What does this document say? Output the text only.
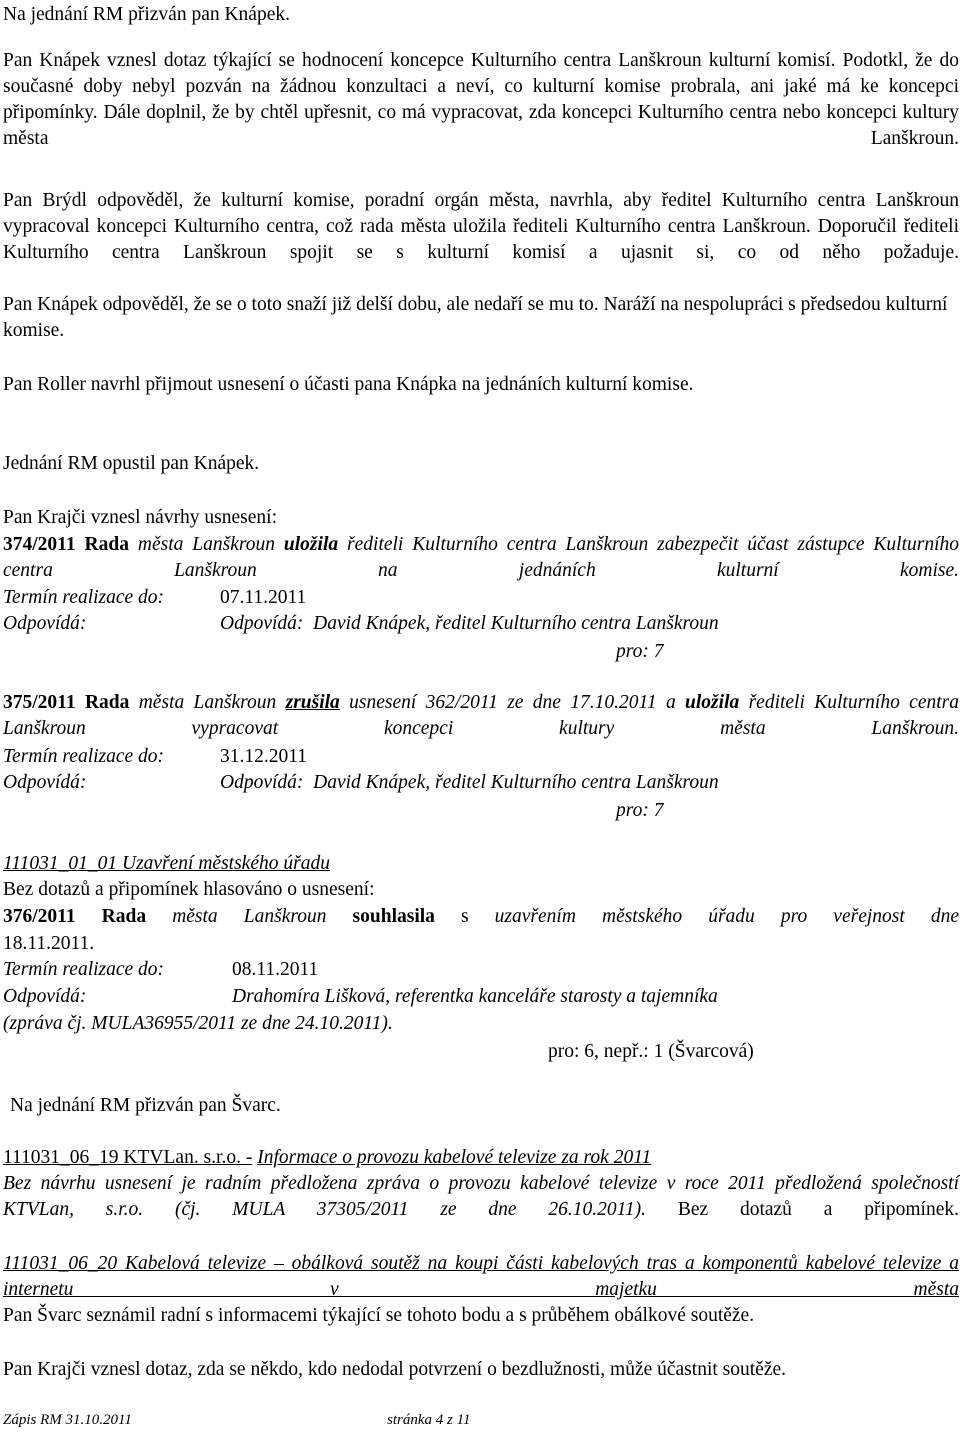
Na jednání RM přizván pan Knápek.

Pan Knápek vznesl dotaz týkající se hodnocení koncepce Kulturního centra Lanškroun kulturní komisí. Podotkl, že do současné doby nebyl pozván na žádnou konzultaci a neví, co kulturní komise probrala, ani jaké má ke koncepci připomínky. Dále doplnil, že by chtěl upřesnit, co má vypracovat, zda koncepci Kulturního centra nebo koncepci kultury města Lanškroun.

Pan Brýdl odpověděl, že kulturní komise, poradní orgán města, navrhla, aby ředitel Kulturního centra Lanškroun vypracoval koncepci Kulturního centra, což rada města uložila řediteli Kulturního centra Lanškroun. Doporučil řediteli Kulturního centra Lanškroun spojit se s kulturní komisí a ujasnit si, co od něho požaduje.

Pan Knápek odpověděl, že se o toto snaží již delší dobu, ale nedaří se mu to. Naráží na nespolupráci s předsedou kulturní komise.

Pan Roller navrhl přijmout usnesení o účasti pana Knápka na jednáních kulturní komise.

Jednání RM opustil pan Knápek.

Pan Krajči vznesl návrhy usnesení:

374/2011 Rada města Lanškroun uložila řediteli Kulturního centra Lanškroun zabezpečit účast zástupce Kulturního centra Lanškroun na jednáních kulturní komise.

Termín realizace do:	07.11.2011
Odpovídá:	Odpovídá:  David Knápek, ředitel Kulturního centra Lanškroun
pro: 7

375/2011 Rada města Lanškroun zrušila usnesení 362/2011 ze dne 17.10.2011 a uložila řediteli Kulturního centra Lanškroun vypracovat koncepci kultury města Lanškroun.

Termín realizace do:	31.12.2011
Odpovídá:	Odpovídá:  David Knápek, ředitel Kulturního centra Lanškroun
pro: 7
111031_01_01 Uzavření městského úřadu
Bez dotazů a připomínek hlasováno o usnesení:

376/2011 Rada města Lanškroun souhlasila s uzavřením městského úřadu pro veřejnost dne

18.11.2011.
Termín realizace do:	08.11.2011
Odpovídá:	Drahomíra Lišková, referentka kanceláře starosty a tajemníka
(zpráva čj. MULA36955/2011 ze dne 24.10.2011).
pro: 6, nepř.: 1 (Švarcová)
Na jednání RM přizván pan Švarc.
111031_06_19 KTVLan. s.r.o. - Informace o provozu kabelové televize za rok 2011

Bez návrhu usnesení je radním předložena zpráva o provozu kabelové televize v roce 2011 předložená společností KTVLan, s.r.o. (čj. MULA 37305/2011 ze dne 26.10.2011). Bez dotazů a připomínek.

111031_06_20 Kabelová televize – obálková soutěž na koupi části kabelových tras a komponentů kabelové televize a internetu v majetku města

Pan Švarc seznámil radní s informacemi týkající se tohoto bodu a s průběhem obálkové soutěže.
Pan Krajči vznesl dotaz, zda se někdo, kdo nedodal potvrzení o bezdlužnosti, může účastnit soutěže.
Zápis RM 31.10.2011	stránka 4 z 11
